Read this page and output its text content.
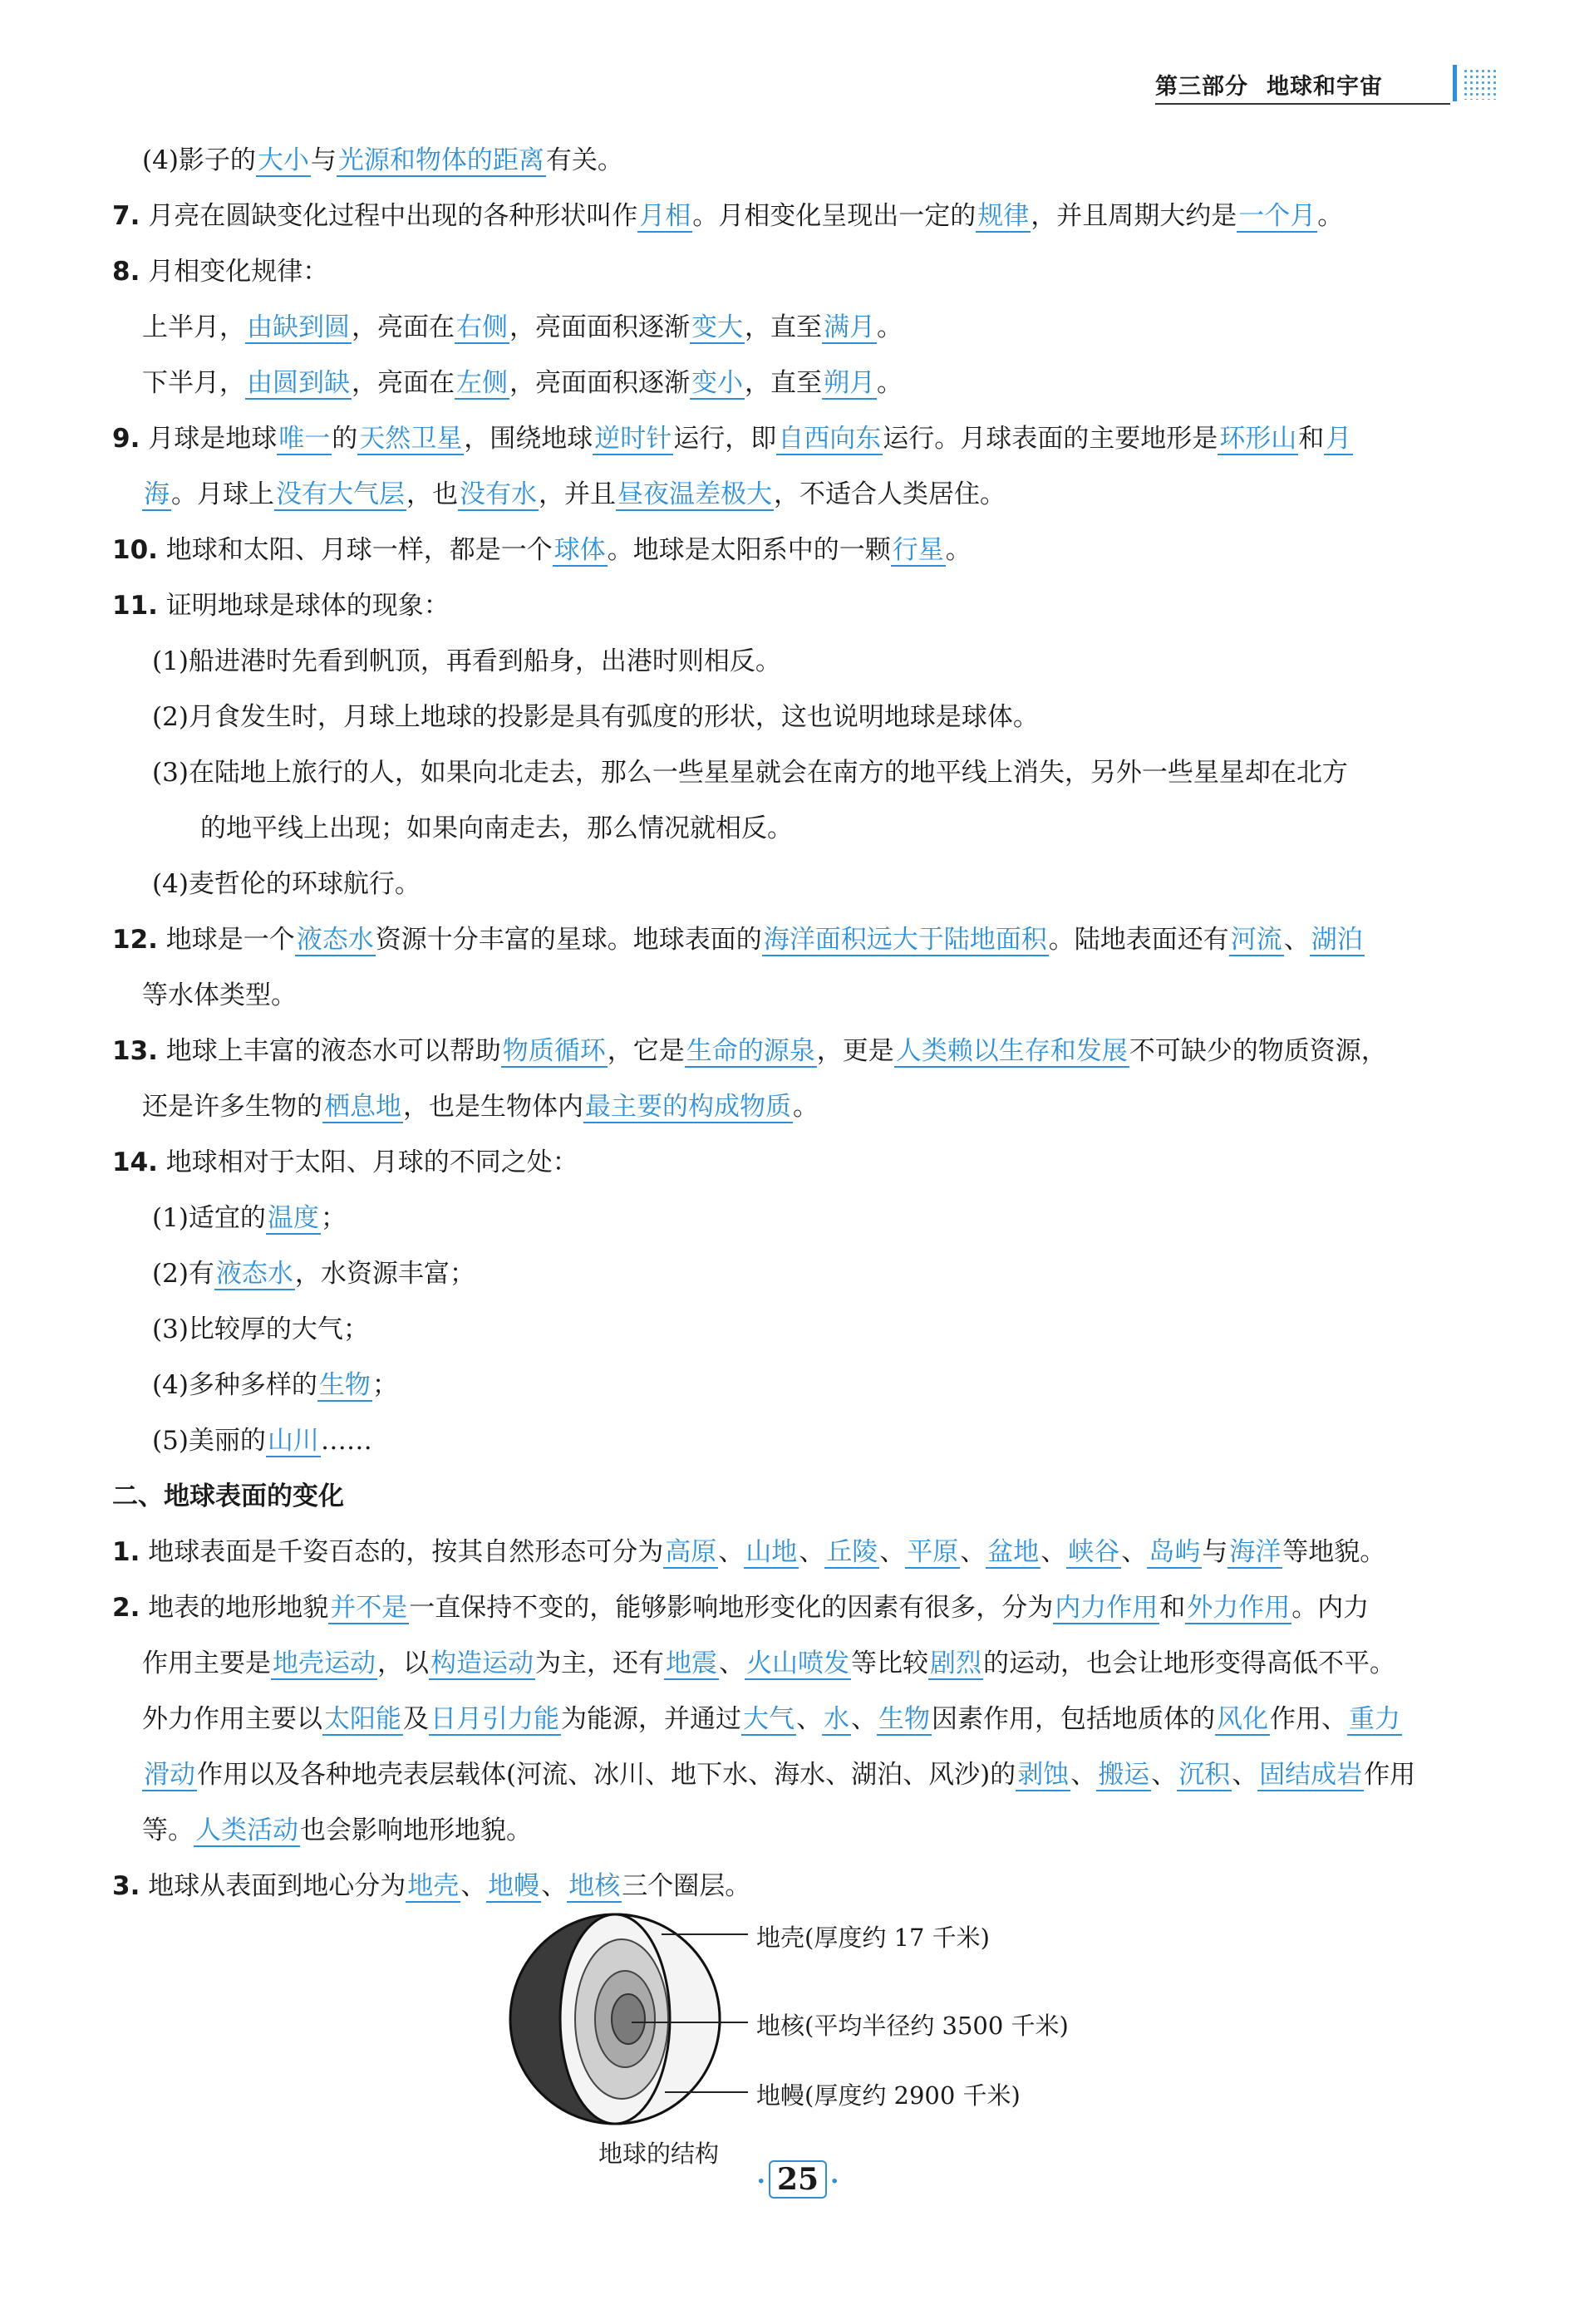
第三部分 地球和宇宙
(4)影子的大小与光源和物体的距离有关。
7. 月亮在圆缺变化过程中出现的各种形状叫作月相。月相变化呈现出一定的规律，并且周期大约是一个月。
8. 月相变化规律：
上半月，由缺到圆，亮面在右侧，亮面面积逐渐变大，直至满月。
下半月，由圆到缺，亮面在左侧，亮面面积逐渐变小，直至朔月。
9. 月球是地球唯一的天然卫星，围绕地球逆时针运行，即自西向东运行。月球表面的主要地形是环形山和月
海。月球上没有大气层，也没有水，并且昼夜温差极大，不适合人类居住。
10. 地球和太阳、月球一样，都是一个球体。地球是太阳系中的一颗行星。
11. 证明地球是球体的现象：
(1)船进港时先看到帆顶，再看到船身，出港时则相反。
(2)月食发生时，月球上地球的投影是具有弧度的形状，这也说明地球是球体。
(3)在陆地上旅行的人，如果向北走去，那么一些星星就会在南方的地平线上消失，另外一些星星却在北方
的地平线上出现；如果向南走去，那么情况就相反。
(4)麦哲伦的环球航行。
12. 地球是一个液态水资源十分丰富的星球。地球表面的海洋面积远大于陆地面积。陆地表面还有河流、湖泊
等水体类型。
13. 地球上丰富的液态水可以帮助物质循环，它是生命的源泉，更是人类赖以生存和发展不可缺少的物质资源，
还是许多生物的栖息地，也是生物体内最主要的构成物质。
14. 地球相对于太阳、月球的不同之处：
(1)适宜的温度；
(2)有液态水，水资源丰富；
(3)比较厚的大气；
(4)多种多样的生物；
(5)美丽的山川……
二、地球表面的变化
1. 地球表面是千姿百态的，按其自然形态可分为高原、山地、丘陵、平原、盆地、峡谷、岛屿与海洋等地貌。
2. 地表的地形地貌并不是一直保持不变的，能够影响地形变化的因素有很多，分为内力作用和外力作用。内力
作用主要是地壳运动，以构造运动为主，还有地震、火山喷发等比较剧烈的运动，也会让地形变得高低不平。
外力作用主要以太阳能及日月引力能为能源，并通过大气、水、生物因素作用，包括地质体的风化作用、重力
滑动作用以及各种地壳表层载体(河流、冰川、地下水、海水、湖泊、风沙)的剥蚀、搬运、沉积、固结成岩作用
等。人类活动也会影响地形地貌。
3. 地球从表面到地心分为地壳、地幔、地核三个圈层。
地壳(厚度约 17 千米)
地核(平均半径约 3500 千米)
地幔(厚度约 2900 千米)
地球的结构
· 25 ·
